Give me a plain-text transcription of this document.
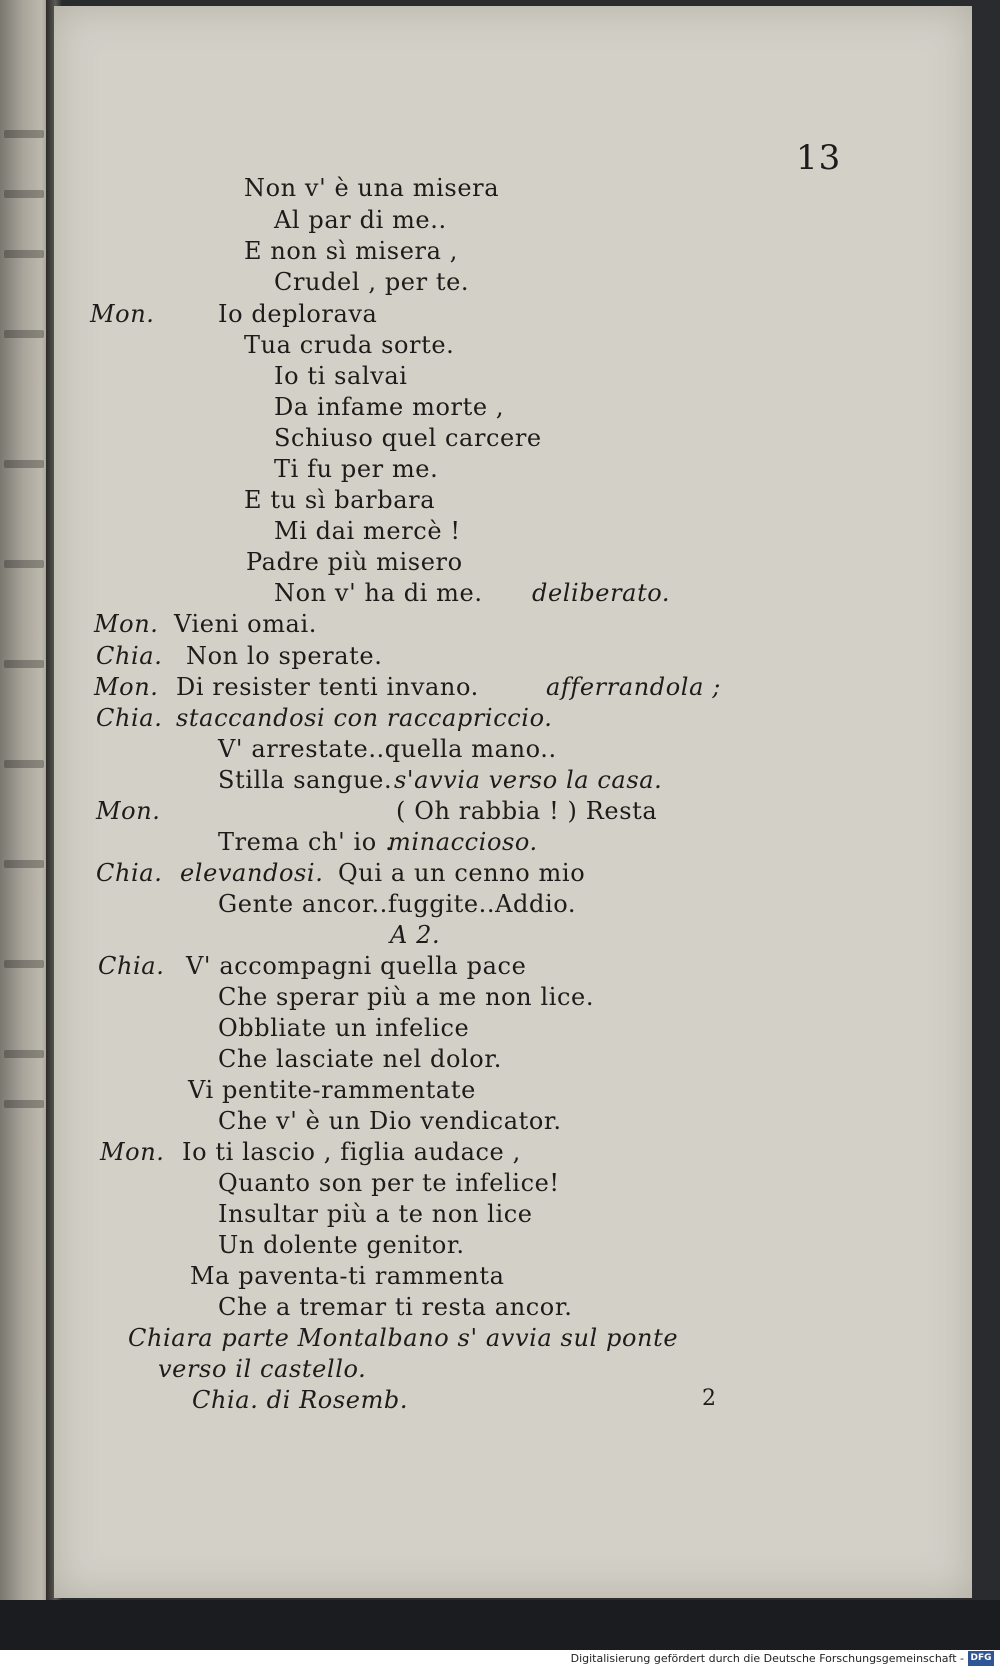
13
Non v' è una misera
Al par di me..
E non sì misera ,
Crudel , per te.
Mon.	Io deplorava
Tua cruda sorte.
Io ti salvai
Da infame morte ,
Schiuso quel carcere
Ti fu per me.
E tu sì barbara
Mi dai mercè !
Padre più misero
Non v' ha di me. deliberato.
Mon. Vieni omai.
Chia. Non lo sperate.
Mon. Di resister tenti invano.	afferrandola ;
Chia. staccandosi con raccapriccio.
V' arrestate..quella mano..
Stilla sangue. s'avvia verso la casa.
Mon.	( Oh rabbia ! ) Resta
Trema ch' io .
minaccioso.
Chia. elevandosi. Qui a un cenno mio
Gente ancor..fuggite..Addio.
A 2.
Chia. V' accompagni quella pace
Che sperar più a me non lice.
Obbliate un infelice
Che lasciate nel dolor.
Vi pentite-rammentate
Che v' è un Dio vendicator.
Mon. Io ti lascio , figlia audace ,
Quanto son per te infelice!
Insultar più a te non lice
Un dolente genitor.
Ma paventa-ti rammenta
Che a tremar ti resta ancor.
Chiara parte Montalbano s' avvia sul ponte
verso il castello.
Chia. di Rosemb.	2
Digitalisierung gefördert durch die Deutsche Forschungsgemeinschaft - DFG
